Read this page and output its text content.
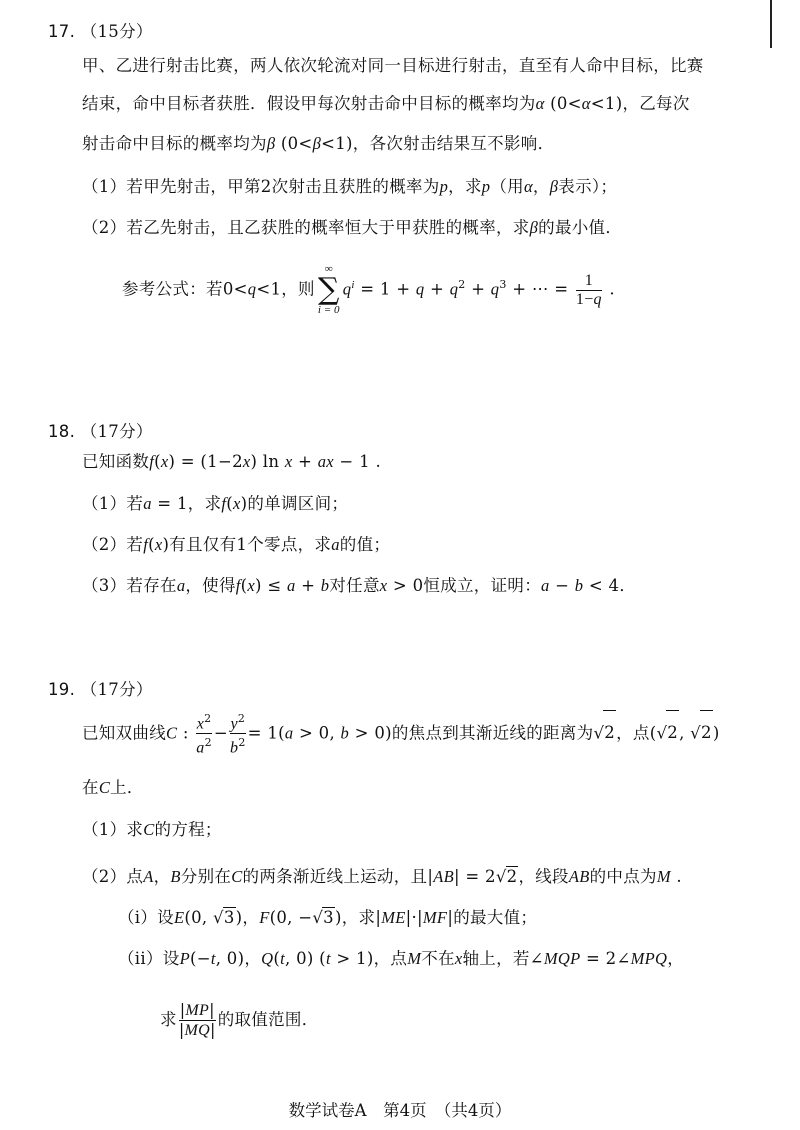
17. （15分）
甲、乙进行射击比赛，两人依次轮流对同一目标进行射击，直至有人命中目标，比赛
结束，命中目标者获胜．假设甲每次射击命中目标的概率均为α (0<α<1)，乙每次
射击命中目标的概率均为β (0<β<1)，各次射击结果互不影响．
（1）若甲先射击，甲第2次射击且获胜的概率为p，求p（用α，β表示）；
（2）若乙先射击，且乙获胜的概率恒大于甲获胜的概率，求β的最小值．
参考公式：若0<q<1，则
∞
∑
i = 0
$q^i = 1 + q + q^2 + q^3$ + ⋯ = $\frac{1}{1-q}$ .
18. （17分）
已知函数f(x) = (1−2x) ln x + ax − 1 .
（1）若a = 1，求f(x)的单调区间；
（2）若f(x)有且仅有1个零点，求a的值；
（3）若存在a，使得f(x) ≤ a + b对任意x > 0恒成立，证明：a − b < 4．
19. （17分）
已知双曲线C : $\frac{x^2}{a^2} - \frac{y^2}{b^2} = 1(a > 0$, b > 0)的焦点到其渐近线的距离为√2，点(√2, √2)
在C上．
（1）求C的方程；
（2）点A，B分别在C的两条渐近线上运动，且|AB| = 2√2，线段AB的中点为M .
（i）设E(0, √3)，F(0, −√3)，求|ME|·|MF|的最大值；
（ii）设P(−t, 0)，Q(t, 0) (t > 1)，点M不在x轴上，若∠MQP = 2∠MPQ，
求 $\frac{|MP|}{|MQ|}$ 的取值范围．
数学试卷A　第4页　（共4页）
